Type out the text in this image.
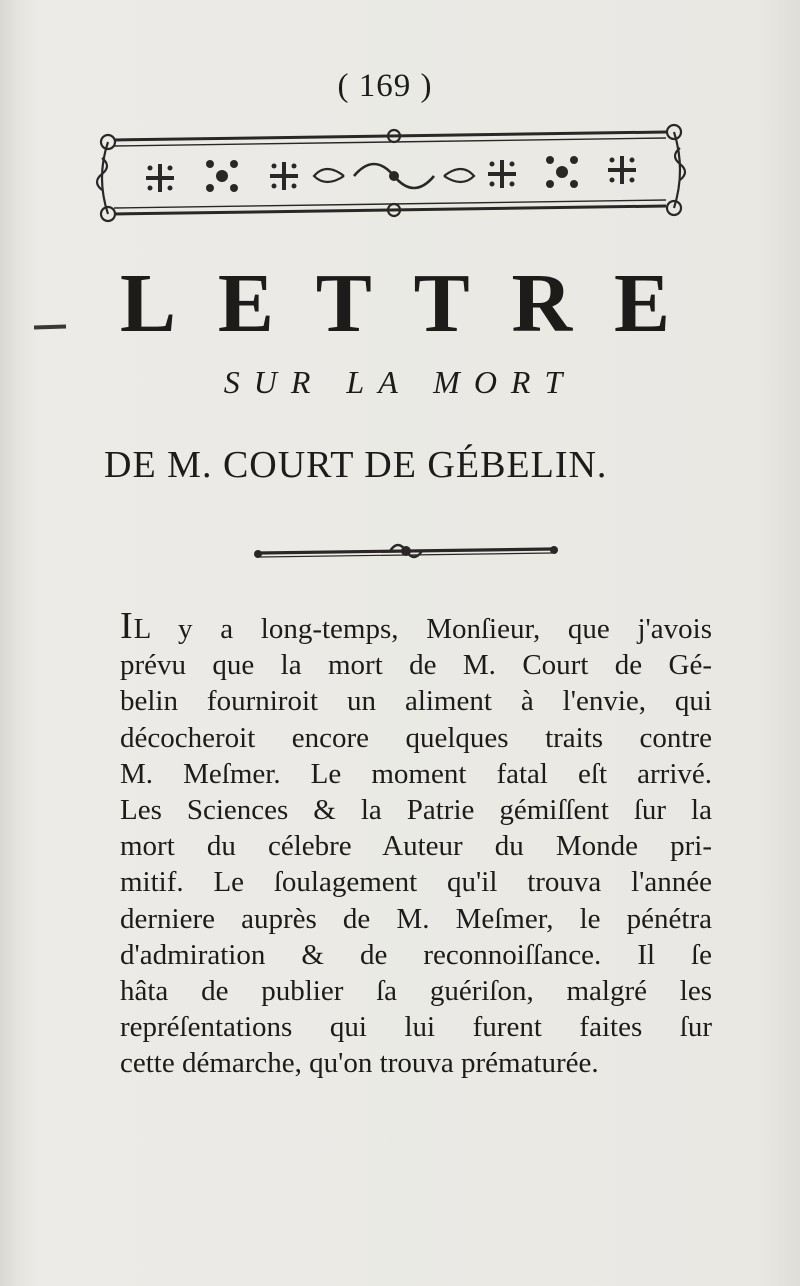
( 169 )
L E T T R E
SUR LA MORT
DE M. COURT DE GÉBELIN.
IL y a long-temps, Monſieur, que j'avois
prévu que la mort de M. Court de Gé-
belin fourniroit un aliment à l'envie, qui
décocheroit encore quelques traits contre
M. Meſmer. Le moment fatal eſt arrivé.
Les Sciences & la Patrie gémiſſent ſur la
mort du célebre Auteur du Monde pri-
mitif. Le ſoulagement qu'il trouva l'année
derniere auprès de M. Meſmer, le pénétra
d'admiration & de reconnoiſſance. Il ſe
hâta de publier ſa guériſon, malgré les
repréſentations qui lui furent faites ſur
cette démarche, qu'on trouva prématurée.
